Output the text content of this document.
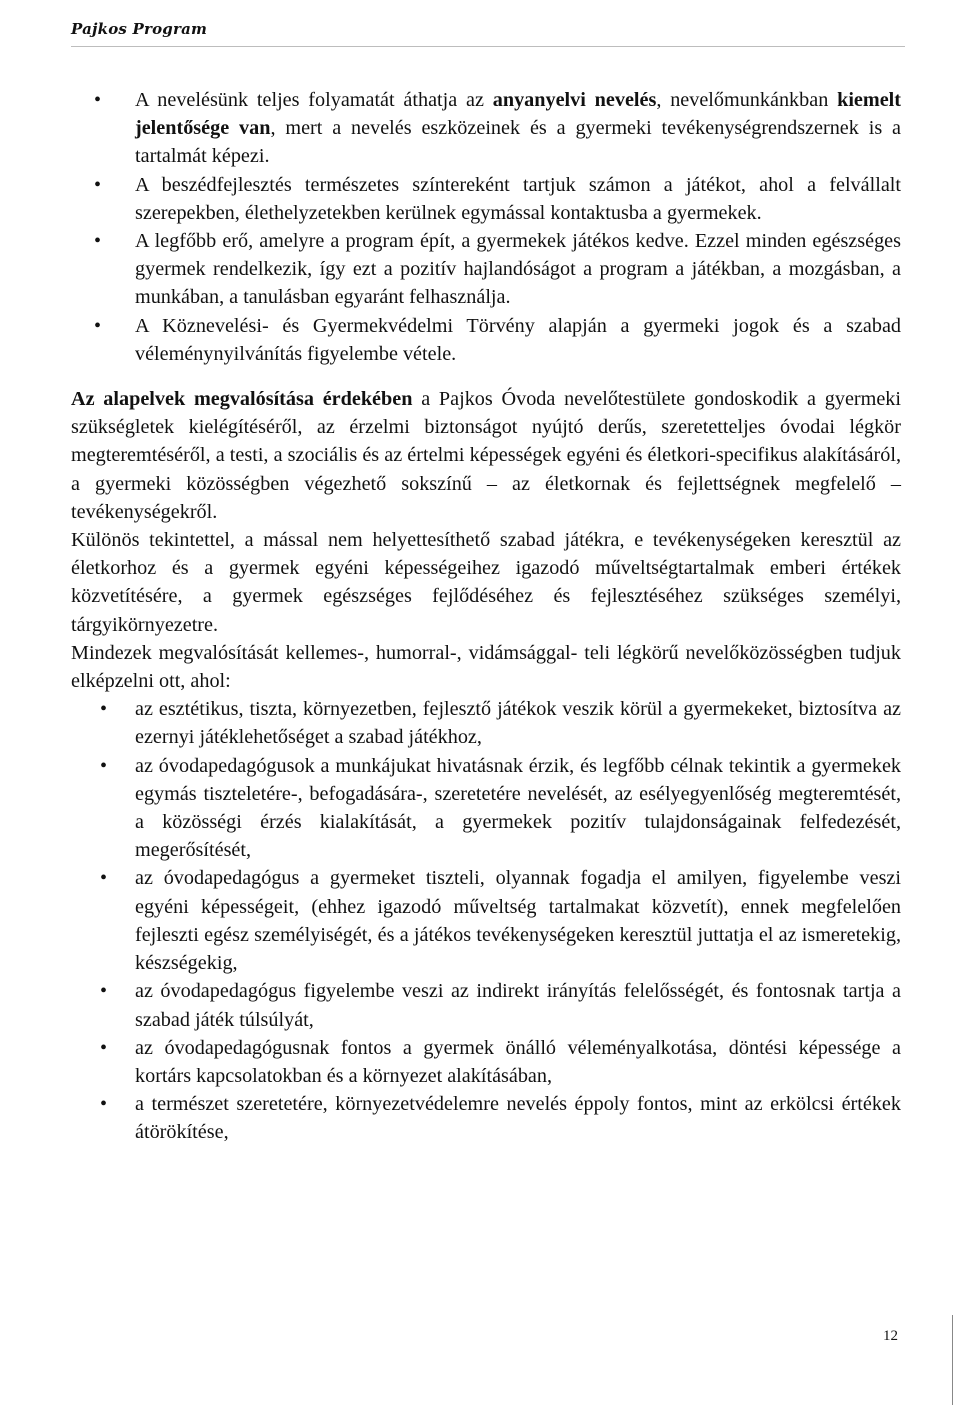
Pajkos Program
• A nevelésünk teljes folyamatát áthatja az anyanyelvi nevelés, nevelőmunkánkban kiemelt jelentősége van, mert a nevelés eszközeinek és a gyermeki tevékenységrendszernek is a tartalmát képezi.
• A beszédfejlesztés természetes színtereként tartjuk számon a játékot, ahol a felvállalt szerepekben, élethelyzetekben kerülnek egymással kontaktusba a gyermekek.
• A legfőbb erő, amelyre a program épít, a gyermekek játékos kedve. Ezzel minden egészséges gyermek rendelkezik, így ezt a pozitív hajlandóságot a program a játékban, a mozgásban, a munkában, a tanulásban egyaránt felhasználja.
• A Köznevelési- és Gyermekvédelmi Törvény alapján a gyermeki jogok és a szabad véleménynyilvánítás figyelembe vétele.

Az alapelvek megvalósítása érdekében a Pajkos Óvoda nevelőtestülete gondoskodik a gyermeki szükségletek kielégítéséről, az érzelmi biztonságot nyújtó derűs, szeretetteljes óvodai légkör megteremtéséről, a testi, a szociális és az értelmi képességek egyéni és életkori-specifikus alakításáról, a gyermeki közösségben végezhető sokszínű – az életkornak és fejlettségnek megfelelő – tevékenységekről.

Különös tekintettel, a mással nem helyettesíthető szabad játékra, e tevékenységeken keresztül az életkorhoz és a gyermek egyéni képességeihez igazodó műveltségtartalmak emberi értékek közvetítésére, a gyermek egészséges fejlődéséhez és fejlesztéséhez szükséges személyi, tárgyikörnyezetre.

Mindezek megvalósítását kellemes-, humorral-, vidámsággal- teli légkörű nevelőközösségben tudjuk elképzelni ott, ahol:

• az esztétikus, tiszta, környezetben, fejlesztő játékok veszik körül a gyermekeket, biztosítva az ezernyi játéklehetőséget a szabad játékhoz,
• az óvodapedagógusok a munkájukat hivatásnak érzik, és legfőbb célnak tekintik a gyermekek egymás tiszteletére-, befogadására-, szeretetére nevelését, az esélyegyenlőség megteremtését, a közösségi érzés kialakítását, a gyermekek pozitív tulajdonságainak felfedezését, megerősítését,
• az óvodapedagógus a gyermeket tiszteli, olyannak fogadja el amilyen, figyelembe veszi egyéni képességeit, (ehhez igazodó műveltség tartalmakat közvetít), ennek megfelelően fejleszti egész személyiségét, és a játékos tevékenységeken keresztül juttatja el az ismeretekig, készségekig,
• az óvodapedagógus figyelembe veszi az indirekt irányítás felelősségét, és fontosnak tartja a szabad játék túlsúlyát,
• az óvodapedagógusnak fontos a gyermek önálló véleményalkotása, döntési képessége a kortárs kapcsolatokban és a környezet alakításában,
• a természet szeretetére, környezetvédelemre nevelés éppoly fontos, mint az erkölcsi értékek átörökítése,
12
